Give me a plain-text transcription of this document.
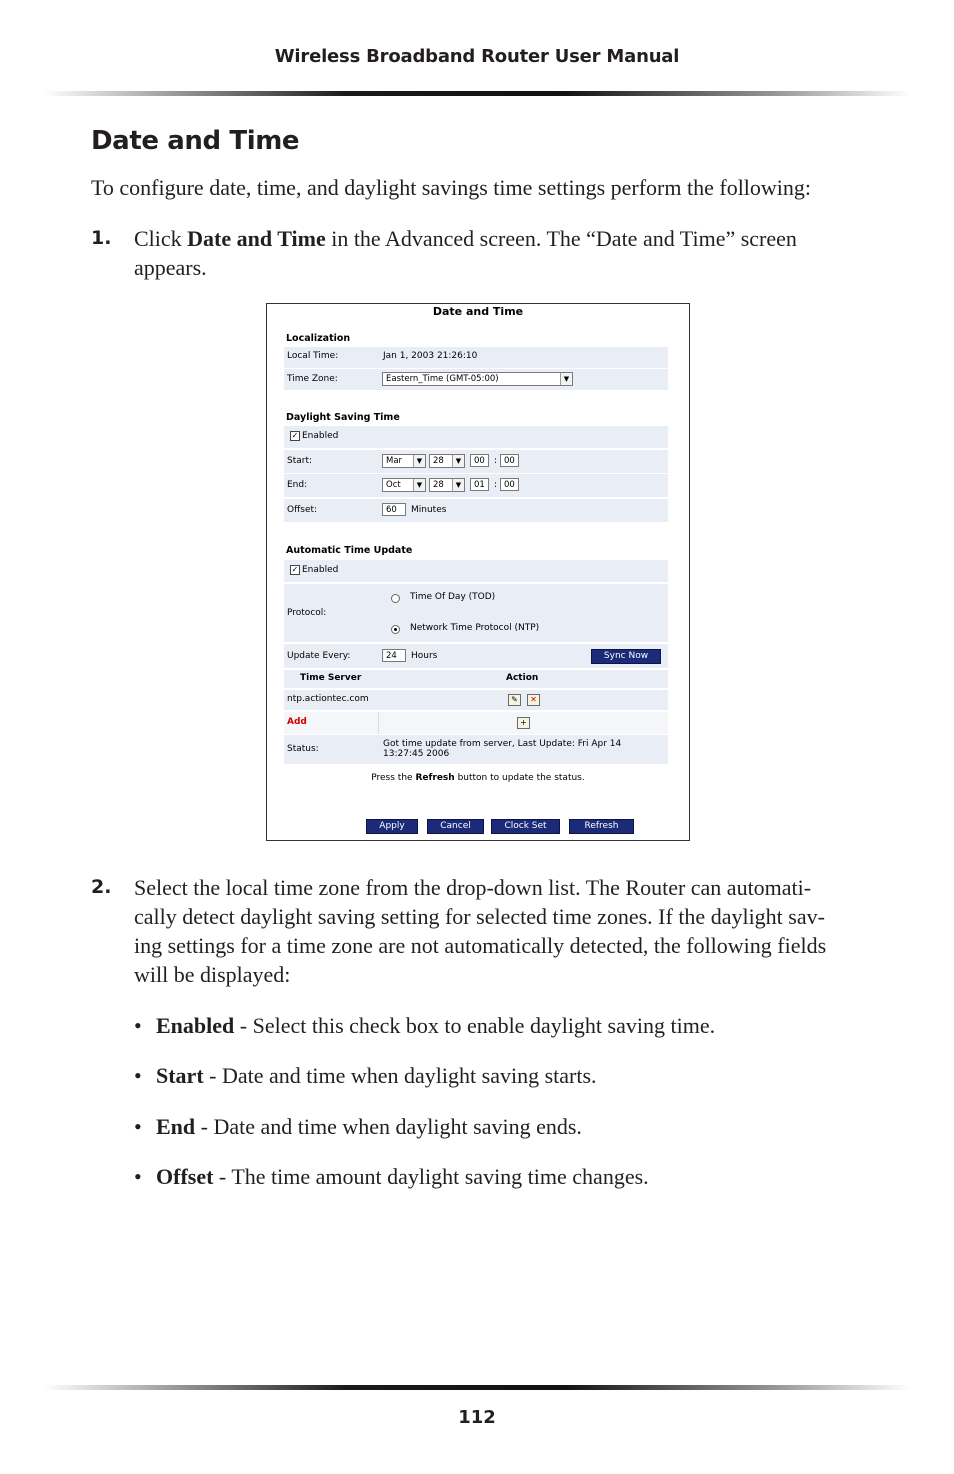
Wireless Broadband Router User Manual
Date and Time

To configure date, time, and daylight savings time settings perform the following:

1. Click Date and Time in the Advanced screen. The “Date and Time” screen
appears.
Date and Time
Localization
Local Time:	Jan 1, 2003 21:26:10
Time Zone:	Eastern_Time (GMT-05:00)	▼
Daylight Saving Time
✓ Enabled
Start:	Mar	▼	28	▼	00	: 00
End:	Oct	▼	28	▼	01	: 00
Offset:	60	Minutes
Automatic Time Update
✓ Enabled
Protocol:
Time Of Day (TOD)
Network Time Protocol (NTP)
Update Every:	24	Hours	Sync Now
Time Server	Action
ntp.actiontec.com	✎	✕
Add	+
Status:	Got time update from server, Last Update: Fri Apr 14
13:27:45 2006
Press the Refresh button to update the status.
Apply	Cancel	Clock Set	Refresh
2. Select the local time zone from the drop-down list. The Router can automati-
cally detect daylight saving setting for selected time zones. If the daylight sav-
ing settings for a time zone are not automatically detected, the following fields
will be displayed:
• Enabled - Select this check box to enable daylight saving time.
• Start - Date and time when daylight saving starts.
• End - Date and time when daylight saving ends.
• Offset - The time amount daylight saving time changes.
112
